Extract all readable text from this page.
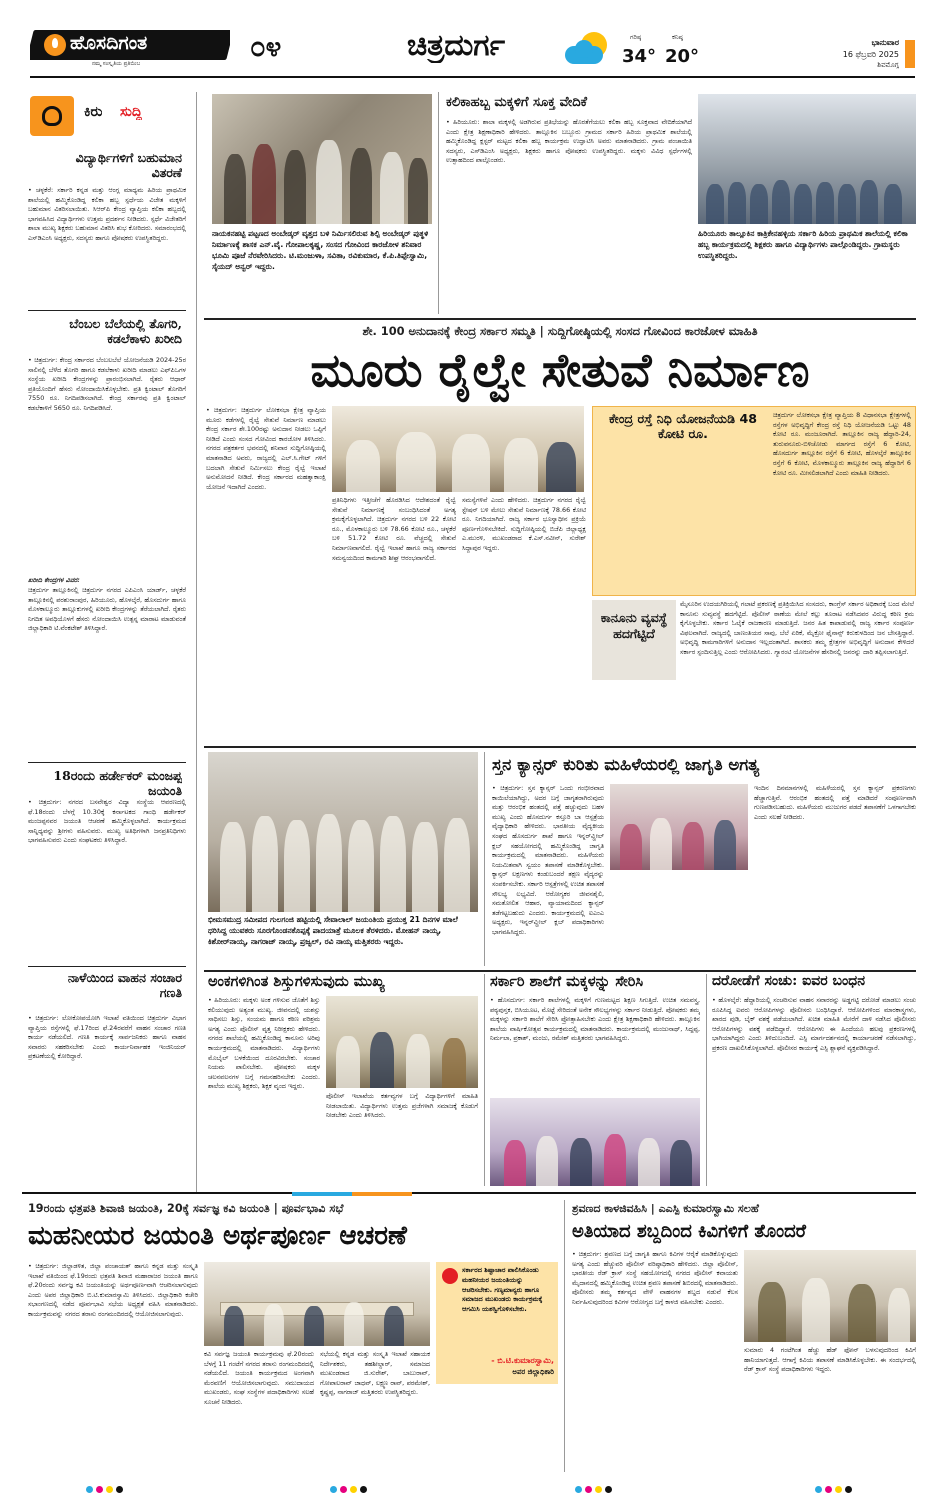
ಹೊಸದಿಗಂತ
ನಮ್ಮ ಸಂಸ್ಕೃತಿಯ ಪ್ರತಿಬಿಂಬ
೦೪	ಚಿತ್ರದುರ್ಗ	ಗರಿಷ್ಠ
34°
ಕನಿಷ್ಠ
20°
ಭಾನುವಾರ
16 ಫೆಬ್ರವರಿ 2025
ಶಿವಮೊಗ್ಗ
ಕಿರು ಸುದ್ದಿ
ವಿದ್ಯಾರ್ಥಿಗಳಿಗೆ ಬಹುಮಾನ ವಿತರಣೆ
• ಚಳ್ಳಕೆರೆ: ಸರ್ಕಾರಿ ಕನ್ನಡ ಮತ್ತು ಆಂಗ್ಲ ಮಾಧ್ಯಮ ಹಿರಿಯ ಪ್ರಾಥಮಿಕ ಶಾಲೆಯಲ್ಲಿ ಹಮ್ಮಿಕೊಂಡಿದ್ದ ಕಲಿಕಾ ಹಬ್ಬ ಸ್ಪರ್ಧೆಯ ವಿಜೇತ ಮಕ್ಕಳಿಗೆ ಬಹುಮಾನ ವಿತರಿಸಲಾಯಿತು. ಸಿಆರ್‌ಪಿ ಕೇಂದ್ರ ವ್ಯಾಪ್ತಿಯ ಕಲಿಕಾ ಹಬ್ಬದಲ್ಲಿ ಭಾಗವಹಿಸಿದ ವಿದ್ಯಾರ್ಥಿಗಳು ಉತ್ತಮ ಪ್ರದರ್ಶನ ನೀಡಿದರು. ಸ್ಪರ್ಧೆ ವಿಜೇತರಿಗೆ ಶಾಲಾ ಮುಖ್ಯ ಶಿಕ್ಷಕರು ಬಹುಮಾನ ವಿತರಿಸಿ ಶುಭ ಕೋರಿದರು. ಸಮಾರಂಭದಲ್ಲಿ ಎಸ್‌ಡಿಎಂಸಿ ಅಧ್ಯಕ್ಷರು, ಸದಸ್ಯರು ಹಾಗೂ ಪೋಷಕರು ಉಪಸ್ಥಿತರಿದ್ದರು.
ಬೆಂಬಲ ಬೆಲೆಯಲ್ಲಿ ತೊಗರಿ, ಕಡಲೆಕಾಳು ಖರೀದಿ
• ಚಿತ್ರದುರ್ಗ: ಕೇಂದ್ರ ಸರ್ಕಾರದ ಬೆಂಬಲಬೆಲೆ ಯೋಜನೆಯಡಿ 2024-25ರ ಸಾಲಿನಲ್ಲಿ ಬೆಳೆದ ತೊಗರಿ ಹಾಗೂ ಕಡಲೆಕಾಳು ಖರೀದಿ ಮಾಡಲು ಎಫ್‌ಪಿಒಗಳ ಸಂಸ್ಥೆಯ ಖರೀದಿ ಕೇಂದ್ರಗಳನ್ನು ಪ್ರಾರಂಭಿಸಲಾಗಿದೆ. ರೈತರು ಆಧಾರ್ ಪ್ರತಿಯೊಂದಿಗೆ ಹೆಸರು ನೋಂದಾಯಿಸಿಕೊಳ್ಳಬೇಕು. ಪ್ರತಿ ಕ್ವಿಂಟಾಲ್ ತೊಗರಿಗೆ 7550 ರೂ. ನಿಗದಿಪಡಿಸಲಾಗಿದೆ. ಕೇಂದ್ರ ಸರ್ಕಾರವು ಪ್ರತಿ ಕ್ವಿಂಟಾಲ್ ಕಡಲೆಕಾಳಿಗೆ 5650 ರೂ. ನಿಗದಿಪಡಿಸಿದೆ.
ಖರೀದಿ ಕೇಂದ್ರಗಳ ವಿವರ:
ಚಿತ್ರದುರ್ಗ ತಾಲ್ಲೂಕಿನಲ್ಲಿ ಚಿತ್ರದುರ್ಗ ನಗರದ ಎಪಿಎಂಸಿ ಯಾರ್ಡ್, ಚಳ್ಳಕೆರೆ ತಾಲ್ಲೂಕಿನಲ್ಲಿ ಪರಶುರಾಂಪುರ, ಹಿರಿಯೂರು, ಹೊಳಲ್ಕೆರೆ, ಹೊಸದುರ್ಗ ಹಾಗೂ ಮೊಳಕಾಲ್ಮೂರು ತಾಲ್ಲೂಕುಗಳಲ್ಲಿ ಖರೀದಿ ಕೇಂದ್ರಗಳನ್ನು ತೆರೆಯಲಾಗಿದೆ. ರೈತರು ನಿಗದಿತ ಅವಧಿಯೊಳಗೆ ಹೆಸರು ನೋಂದಾಯಿಸಿ ಉತ್ಪನ್ನ ಮಾರಾಟ ಮಾಡುವಂತೆ ಜಿಲ್ಲಾಧಿಕಾರಿ ಟಿ.ವೆಂಕಟೇಶ್ ತಿಳಿಸಿದ್ದಾರೆ.
18ರಂದು ಹರ್ಡೇಕರ್ ಮಂಜಪ್ಪ ಜಯಂತಿ
• ಚಿತ್ರದುರ್ಗ: ನಗರದ ಬಸವೇಶ್ವರ ವಿದ್ಯಾ ಸಂಸ್ಥೆಯ ಆವರಣದಲ್ಲಿ ಫೆ.18ರಂದು ಬೆಳಗ್ಗೆ 10.30ಕ್ಕೆ ಕರ್ನಾಟಕದ ಗಾಂಧಿ ಹರ್ಡೇಕರ್ ಮಂಜಪ್ಪನವರ ಜಯಂತಿ ಆಚರಣೆ ಹಮ್ಮಿಕೊಳ್ಳಲಾಗಿದೆ. ಕಾರ್ಯಕ್ರಮದ ಸಾನ್ನಿಧ್ಯವನ್ನು ಶ್ರೀಗಳು ವಹಿಸುವರು. ಮುಖ್ಯ ಅತಿಥಿಗಳಾಗಿ ಜನಪ್ರತಿನಿಧಿಗಳು ಭಾಗವಹಿಸುವರು ಎಂದು ಸಂಘಟಕರು ತಿಳಿಸಿದ್ದಾರೆ.
ನಾಳೆಯಿಂದ ವಾಹನ ಸಂಚಾರ ಗಣತಿ
• ಚಿತ್ರದುರ್ಗ: ಲೋಕೋಪಯೋಗಿ ಇಲಾಖೆ ವತಿಯಿಂದ ಚಿತ್ರದುರ್ಗ ವಿಭಾಗ ವ್ಯಾಪ್ತಿಯ ರಸ್ತೆಗಳಲ್ಲಿ ಫೆ.17ರಿಂದ ಫೆ.24ರವರೆಗೆ ವಾಹನ ಸಂಚಾರ ಗಣತಿ ಕಾರ್ಯ ನಡೆಯಲಿದೆ. ಗಣತಿ ಕಾರ್ಯಕ್ಕೆ ಸಾರ್ವಜನಿಕರು ಹಾಗೂ ವಾಹನ ಸವಾರರು ಸಹಕರಿಸಬೇಕು ಎಂದು ಕಾರ್ಯನಿರ್ವಾಹಕ ಇಂಜಿನಿಯರ್ ಪ್ರಕಟಣೆಯಲ್ಲಿ ಕೋರಿದ್ದಾರೆ.
ನಾಯಕನಹಟ್ಟಿ ಪಟ್ಟಣದ ಅಂಬೇಡ್ಕರ್ ವೃತ್ತದ ಬಳಿ ನಿರ್ಮಿಸಲಿರುವ ಶಿಲ್ಪಿ ಅಂಬೇಡ್ಕರ್ ಪುತ್ಥಳಿ ನಿರ್ಮಾಣಕ್ಕೆ ಶಾಸಕ ಎನ್.ವೈ. ಗೋಪಾಲಕೃಷ್ಣ, ಸಂಸದ ಗೋವಿಂದ ಕಾರಜೋಳ ಶನಿವಾರ ಭೂಮಿ ಪೂಜೆ ನೆರವೇರಿಸಿದರು. ಟಿ.ಮಂಜುಳಾ, ಸವಿತಾ, ರವಿಕುಮಾರ, ಕೆ.ಪಿ.ತಿಪ್ಪೇಸ್ವಾಮಿ, ಸೈಯದ್ ಅನ್ವರ್ ಇದ್ದರು.
ಕಲಿಕಾಹಬ್ಬ ಮಕ್ಕಳಿಗೆ ಸೂಕ್ತ ವೇದಿಕೆ
• ಹಿರಿಯೂರು: ಶಾಲಾ ಮಕ್ಕಳಲ್ಲಿ ಅಡಗಿರುವ ಪ್ರತಿಭೆಯನ್ನು ಹೊರತೆಗೆಯಲು ಕಲಿಕಾ ಹಬ್ಬ ಸೂಕ್ತವಾದ ವೇದಿಕೆಯಾಗಿದೆ ಎಂದು ಕ್ಷೇತ್ರ ಶಿಕ್ಷಣಾಧಿಕಾರಿ ಹೇಳಿದರು. ತಾಲ್ಲೂಕಿನ ಬಬ್ಬೂರು ಗ್ರಾಮದ ಸರ್ಕಾರಿ ಹಿರಿಯ ಪ್ರಾಥಮಿಕ ಶಾಲೆಯಲ್ಲಿ ಹಮ್ಮಿಕೊಂಡಿದ್ದ ಕ್ಲಸ್ಟರ್ ಮಟ್ಟದ ಕಲಿಕಾ ಹಬ್ಬ ಕಾರ್ಯಕ್ರಮ ಉದ್ಘಾಟಿಸಿ ಅವರು ಮಾತನಾಡಿದರು. ಗ್ರಾಮ ಪಂಚಾಯಿತಿ ಸದಸ್ಯರು, ಎಸ್‌ಡಿಎಂಸಿ ಅಧ್ಯಕ್ಷರು, ಶಿಕ್ಷಕರು ಹಾಗೂ ಪೋಷಕರು ಉಪಸ್ಥಿತರಿದ್ದರು. ಮಕ್ಕಳು ವಿವಿಧ ಸ್ಪರ್ಧೆಗಳಲ್ಲಿ ಉತ್ಸಾಹದಿಂದ ಪಾಲ್ಗೊಂಡರು.
ಹಿರಿಯೂರು ತಾಲ್ಲೂಕಿನ ಕಾತ್ರಿಕೇನಹಳ್ಳಿಯ ಸರ್ಕಾರಿ ಹಿರಿಯ ಪ್ರಾಥಮಿಕ ಶಾಲೆಯಲ್ಲಿ ಕಲಿಕಾ ಹಬ್ಬ ಕಾರ್ಯಕ್ರಮದಲ್ಲಿ ಶಿಕ್ಷಕರು ಹಾಗೂ ವಿದ್ಯಾರ್ಥಿಗಳು ಪಾಲ್ಗೊಂಡಿದ್ದರು. ಗ್ರಾಮಸ್ಥರು ಉಪಸ್ಥಿತರಿದ್ದರು.
ಶೇ. 100 ಅನುದಾನಕ್ಕೆ ಕೇಂದ್ರ ಸರ್ಕಾರ ಸಮ್ಮತಿ | ಸುದ್ದಿಗೋಷ್ಠಿಯಲ್ಲಿ ಸಂಸದ ಗೋವಿಂದ ಕಾರಜೋಳ ಮಾಹಿತಿ
ಮೂರು ರೈಲ್ವೇ ಸೇತುವೆ ನಿರ್ಮಾಣ
• ಚಿತ್ರದುರ್ಗ: ಚಿತ್ರದುರ್ಗ ಲೋಕಸಭಾ ಕ್ಷೇತ್ರ ವ್ಯಾಪ್ತಿಯ ಮೂರು ಕಡೆಗಳಲ್ಲಿ ರೈಲ್ವೆ ಸೇತುವೆ ನಿರ್ಮಾಣ ಮಾಡಲು ಕೇಂದ್ರ ಸರ್ಕಾರ ಶೇ.100ರಷ್ಟು ಅನುದಾನ ನೀಡಲು ಒಪ್ಪಿಗೆ ನೀಡಿದೆ ಎಂದು ಸಂಸದ ಗೋವಿಂದ ಕಾರಜೋಳ ತಿಳಿಸಿದರು. ನಗರದ ಪತ್ರಕರ್ತರ ಭವನದಲ್ಲಿ ಶನಿವಾರ ಸುದ್ದಿಗೋಷ್ಠಿಯಲ್ಲಿ ಮಾತನಾಡಿದ ಅವರು, ರಾಜ್ಯದಲ್ಲಿ ಎಲ್.ಸಿ.ಗೇಟ್ ಗಳಿಗೆ ಬದಲಾಗಿ ಸೇತುವೆ ನಿರ್ಮಿಸಲು ಕೇಂದ್ರ ರೈಲ್ವೆ ಇಲಾಖೆ ಅನುಮೋದನೆ ನೀಡಿದೆ. ಕೇಂದ್ರ ಸರ್ಕಾರದ ಮಹತ್ವಾಕಾಂಕ್ಷಿ ಯೋಜನೆ ಇದಾಗಿದೆ ಎಂದರು.
ಪ್ರತಿನಿಧಿಗಳು ಇತ್ತೀಚೆಗೆ ಹೊರಡಿಸಿದ ಆದೇಶದಂತೆ ರೈಲ್ವೆ ಸೇತುವೆ ನಿರ್ಮಾಣಕ್ಕೆ ಸಂಬಂಧಿಸಿದಂತೆ ಅಗತ್ಯ ಕ್ರಮಕೈಗೊಳ್ಳಲಾಗಿದೆ. ಚಿತ್ರದುರ್ಗ ನಗರದ ಬಳಿ 22 ಕೋಟಿ ರೂ., ಮೊಳಕಾಲ್ಮೂರು ಬಳಿ 78.66 ಕೋಟಿ ರೂ., ಚಳ್ಳಕೆರೆ ಬಳಿ 51.72 ಕೋಟಿ ರೂ. ವೆಚ್ಚದಲ್ಲಿ ಸೇತುವೆ ನಿರ್ಮಾಣವಾಗಲಿದೆ. ರೈಲ್ವೆ ಇಲಾಖೆ ಹಾಗೂ ರಾಜ್ಯ ಸರ್ಕಾರದ ಸಮನ್ವಯದಿಂದ ಕಾಮಗಾರಿ ಶೀಘ್ರ ಆರಂಭವಾಗಲಿದೆ.
ಸಮಸ್ಯೆಗಳಿವೆ ಎಂದು ಹೇಳಿದರು. ಚಿತ್ರದುರ್ಗ ನಗರದ ರೈಲ್ವೆ ಸ್ಟೇಷನ್ ಬಳಿ ಮೇಲು ಸೇತುವೆ ನಿರ್ಮಾಣಕ್ಕೆ 78.66 ಕೋಟಿ ರೂ. ನಿಗದಿಯಾಗಿದೆ. ರಾಜ್ಯ ಸರ್ಕಾರ ಭೂಸ್ವಾಧೀನ ಪ್ರಕ್ರಿಯೆ ಪೂರ್ಣಗೊಳಿಸಬೇಕಿದೆ. ಸುದ್ದಿಗೋಷ್ಠಿಯಲ್ಲಿ ಬಿಜೆಪಿ ಜಿಲ್ಲಾಧ್ಯಕ್ಷ ಎ.ಮುರಳಿ, ಮುಖಂಡರಾದ ಕೆ.ಎಸ್.ನವೀನ್, ಸುರೇಶ್ ಸಿದ್ದಾಪುರ ಇದ್ದರು.
ಕೇಂದ್ರ ರಸ್ತೆ ನಿಧಿ ಯೋಜನೆಯಡಿ 48 ಕೋಟಿ ರೂ.
ಚಿತ್ರದುರ್ಗ ಲೋಕಸಭಾ ಕ್ಷೇತ್ರ ವ್ಯಾಪ್ತಿಯ 8 ವಿಧಾನಸಭಾ ಕ್ಷೇತ್ರಗಳಲ್ಲಿ ರಸ್ತೆಗಳ ಅಭಿವೃದ್ಧಿಗೆ ಕೇಂದ್ರ ರಸ್ತೆ ನಿಧಿ ಯೋಜನೆಯಡಿ ಒಟ್ಟು 48 ಕೋಟಿ ರೂ. ಮಂಜೂರಾಗಿದೆ. ತಾಲ್ಲೂಕಿನ ರಾಜ್ಯ ಹೆದ್ದಾರಿ-24, ತುರುವನೂರು-ಬಿಳಿಚೋಡು ಮಾರ್ಗದ ರಸ್ತೆಗೆ 6 ಕೋಟಿ, ಹೊಸದುರ್ಗ ತಾಲ್ಲೂಕಿನ ರಸ್ತೆಗೆ 6 ಕೋಟಿ, ಹೊಳಲ್ಕೆರೆ ತಾಲ್ಲೂಕಿನ ರಸ್ತೆಗೆ 6 ಕೋಟಿ, ಮೊಳಕಾಲ್ಮೂರು ತಾಲ್ಲೂಕಿನ ರಾಜ್ಯ ಹೆದ್ದಾರಿಗೆ 6 ಕೋಟಿ ರೂ. ಮೀಸಲಿಡಲಾಗಿದೆ ಎಂದು ಮಾಹಿತಿ ನೀಡಿದರು.
ಕಾನೂನು ವ್ಯವಸ್ಥೆ ಹದಗೆಟ್ಟಿದೆ
ಮೈಸೂರಿನ ಉದಯಗಿರಿಯಲ್ಲಿ ಗಲಾಟೆ ಪ್ರಕರಣಕ್ಕೆ ಪ್ರತಿಕ್ರಿಯಿಸಿದ ಸಂಸದರು, ಕಾಂಗ್ರೆಸ್ ಸರ್ಕಾರ ಅಧಿಕಾರಕ್ಕೆ ಬಂದ ಮೇಲೆ ಕಾನೂನು ಸುವ್ಯವಸ್ಥೆ ಹದಗೆಟ್ಟಿದೆ. ಪೊಲೀಸ್ ಠಾಣೆಯ ಮೇಲೆ ಕಲ್ಲು ತೂರಾಟ ನಡೆಸಿದವರ ವಿರುದ್ಧ ಕಠಿಣ ಕ್ರಮ ಕೈಗೊಳ್ಳಬೇಕು. ಸರ್ಕಾರ ಓಲೈಕೆ ರಾಜಕಾರಣ ಮಾಡುತ್ತಿದೆ. ಜನರ ಹಿತ ಕಾಪಾಡುವಲ್ಲಿ ರಾಜ್ಯ ಸರ್ಕಾರ ಸಂಪೂರ್ಣ ವಿಫಲವಾಗಿದೆ. ರಾಜ್ಯದಲ್ಲಿ ಬಾಣಂತಿಯರ ಸಾವು, ಬೆಲೆ ಏರಿಕೆ, ಮೈಕ್ರೋ ಫೈನಾನ್ಸ್ ಕಿರುಕುಳದಿಂದ ಜನ ಬೇಸತ್ತಿದ್ದಾರೆ. ಅಭಿವೃದ್ಧಿ ಕಾಮಗಾರಿಗಳಿಗೆ ಅನುದಾನ ಇಲ್ಲದಂತಾಗಿದೆ. ಶಾಸಕರು ತಮ್ಮ ಕ್ಷೇತ್ರಗಳ ಅಭಿವೃದ್ಧಿಗೆ ಅನುದಾನ ಕೇಳಿದರೆ ಸರ್ಕಾರ ಸ್ಪಂದಿಸುತ್ತಿಲ್ಲ ಎಂದು ಆರೋಪಿಸಿದರು. ಗ್ಯಾರಂಟಿ ಯೋಜನೆಗಳ ಹೆಸರಿನಲ್ಲಿ ಜನರನ್ನು ದಾರಿ ತಪ್ಪಿಸಲಾಗುತ್ತಿದೆ.
ಭೀಮಸಮುದ್ರ ಸಮೀಪದ ಗುಲಗಂಜಿ ಹಟ್ಟಿಯಲ್ಲಿ ಸೇವಾಲಾಲ್ ಜಯಂತಿಯ ಪ್ರಯುಕ್ತ 21 ದಿನಗಳ ಮಾಲೆ ಧರಿಸಿದ್ದ ಯುವಕರು ಸೂರಗೊಂಡನಕೊಪ್ಪಕ್ಕೆ ಪಾದಯಾತ್ರೆ ಮೂಲಕ ತೆರಳಿದರು. ಮೋಹನ್ ನಾಯ್ಕ, ಕಿಶೋರ್‌ನಾಯ್ಕ, ನಾಗರಾಜ್ ನಾಯ್ಕ, ಪ್ರಜ್ವಲ್, ರವಿ ನಾಯ್ಕ ಮತ್ತಿತರರು ಇದ್ದರು.
ಸ್ತನ ಕ್ಯಾನ್ಸರ್ ಕುರಿತು ಮಹಿಳೆಯರಲ್ಲಿ ಜಾಗೃತಿ ಅಗತ್ಯ
• ಚಿತ್ರದುರ್ಗ: ಸ್ತನ ಕ್ಯಾನ್ಸರ್ ಒಂದು ಗಂಭೀರವಾದ ಕಾಯಿಲೆಯಾಗಿದ್ದು, ಅದರ ಬಗ್ಗೆ ಜಾಗೃತರಾಗಿರುವುದು ಮತ್ತು ಆರಂಭಿಕ ಹಂತದಲ್ಲಿ ಪತ್ತೆ ಹಚ್ಚುವುದು ಬಹಳ ಮುಖ್ಯ ಎಂದು ಹೊಸದುರ್ಗ ಕಸ್ತೂರಿ ಬಾ ಆಸ್ಪತ್ರೆಯ ವೈದ್ಯಾಧಿಕಾರಿ ಹೇಳಿದರು. ಭಾರತೀಯ ವೈದ್ಯಕೀಯ ಸಂಘದ ಹೊಸದುರ್ಗ ಶಾಖೆ ಹಾಗೂ ಇನ್ನರ್‌ವ್ಹೀಲ್ ಕ್ಲಬ್ ಸಹಯೋಗದಲ್ಲಿ ಹಮ್ಮಿಕೊಂಡಿದ್ದ ಜಾಗೃತಿ ಕಾರ್ಯಕ್ರಮದಲ್ಲಿ ಮಾತನಾಡಿದರು. ಮಹಿಳೆಯರು ನಿಯಮಿತವಾಗಿ ಸ್ವಯಂ ತಪಾಸಣೆ ಮಾಡಿಕೊಳ್ಳಬೇಕು. ಕ್ಯಾನ್ಸರ್ ಲಕ್ಷಣಗಳು ಕಂಡುಬಂದರೆ ತಕ್ಷಣ ವೈದ್ಯರನ್ನು ಸಂಪರ್ಕಿಸಬೇಕು. ಸರ್ಕಾರಿ ಆಸ್ಪತ್ರೆಗಳಲ್ಲಿ ಉಚಿತ ತಪಾಸಣೆ ಸೌಲಭ್ಯ ಲಭ್ಯವಿದೆ. ಆರೋಗ್ಯಕರ ಜೀವನಶೈಲಿ, ಸಮತೋಲಿತ ಆಹಾರ, ವ್ಯಾಯಾಮದಿಂದ ಕ್ಯಾನ್ಸರ್ ತಡೆಗಟ್ಟಬಹುದು ಎಂದರು. ಕಾರ್ಯಕ್ರಮದಲ್ಲಿ ಐಎಂಎ ಅಧ್ಯಕ್ಷರು, ಇನ್ನರ್‌ವ್ಹೀಲ್ ಕ್ಲಬ್ ಪದಾಧಿಕಾರಿಗಳು ಭಾಗವಹಿಸಿದ್ದರು.
ಇಂದಿನ ದಿನಮಾನಗಳಲ್ಲಿ ಮಹಿಳೆಯರಲ್ಲಿ ಸ್ತನ ಕ್ಯಾನ್ಸರ್ ಪ್ರಕರಣಗಳು ಹೆಚ್ಚಾಗುತ್ತಿವೆ. ಆರಂಭಿಕ ಹಂತದಲ್ಲಿ ಪತ್ತೆ ಮಾಡಿದರೆ ಸಂಪೂರ್ಣವಾಗಿ ಗುಣಪಡಿಸಬಹುದು. ಮಹಿಳೆಯರು ಮುಜುಗರ ಪಡದೆ ತಪಾಸಣೆಗೆ ಒಳಗಾಗಬೇಕು ಎಂದು ಸಲಹೆ ನೀಡಿದರು.
ಅಂಕಗಳಿಗಿಂತ ಶಿಸ್ತುಗಳಿಸುವುದು ಮುಖ್ಯ
• ಹಿರಿಯೂರು: ಮಕ್ಕಳು ಅಂಕ ಗಳಿಸುವ ಜೊತೆಗೆ ಶಿಸ್ತು ಕಲಿಯುವುದು ಅತ್ಯಂತ ಮುಖ್ಯ. ಜೀವನದಲ್ಲಿ ಯಶಸ್ಸು ಸಾಧಿಸಲು ಶಿಸ್ತು, ಸಂಯಮ ಹಾಗೂ ಕಠಿಣ ಪರಿಶ್ರಮ ಅಗತ್ಯ ಎಂದು ಪೊಲೀಸ್ ವೃತ್ತ ನಿರೀಕ್ಷಕರು ಹೇಳಿದರು. ನಗರದ ಶಾಲೆಯಲ್ಲಿ ಹಮ್ಮಿಕೊಂಡಿದ್ದ ಕಾನೂನು ಅರಿವು ಕಾರ್ಯಕ್ರಮದಲ್ಲಿ ಮಾತನಾಡಿದರು. ವಿದ್ಯಾರ್ಥಿಗಳು ಮೊಬೈಲ್ ಬಳಕೆಯಿಂದ ದೂರವಿರಬೇಕು. ಸಂಚಾರ ನಿಯಮ ಪಾಲಿಸಬೇಕು. ಪೋಷಕರು ಮಕ್ಕಳ ಚಲನವಲನಗಳ ಬಗ್ಗೆ ಗಮನಹರಿಸಬೇಕು ಎಂದರು. ಶಾಲೆಯ ಮುಖ್ಯ ಶಿಕ್ಷಕರು, ಶಿಕ್ಷಕ ವೃಂದ ಇದ್ದರು.
ಪೊಲೀಸ್ ಇಲಾಖೆಯ ಕರ್ತವ್ಯಗಳ ಬಗ್ಗೆ ವಿದ್ಯಾರ್ಥಿಗಳಿಗೆ ಮಾಹಿತಿ ನೀಡಲಾಯಿತು. ವಿದ್ಯಾರ್ಥಿಗಳು ಉತ್ತಮ ಪ್ರಜೆಗಳಾಗಿ ಸಮಾಜಕ್ಕೆ ಕೊಡುಗೆ ನೀಡಬೇಕು ಎಂದು ತಿಳಿಸಿದರು.
ಸರ್ಕಾರಿ ಶಾಲೆಗೆ ಮಕ್ಕಳನ್ನು ಸೇರಿಸಿ
• ಹೊಸದುರ್ಗ: ಸರ್ಕಾರಿ ಶಾಲೆಗಳಲ್ಲಿ ಮಕ್ಕಳಿಗೆ ಗುಣಮಟ್ಟದ ಶಿಕ್ಷಣ ಸಿಗುತ್ತಿದೆ. ಉಚಿತ ಸಮವಸ್ತ್ರ, ಪಠ್ಯಪುಸ್ತಕ, ಬಿಸಿಯೂಟ, ಮೊಟ್ಟೆ ಸೇರಿದಂತೆ ಅನೇಕ ಸೌಲಭ್ಯಗಳನ್ನು ಸರ್ಕಾರ ನೀಡುತ್ತಿದೆ. ಪೋಷಕರು ತಮ್ಮ ಮಕ್ಕಳನ್ನು ಸರ್ಕಾರಿ ಶಾಲೆಗೆ ಸೇರಿಸಿ ಪ್ರೋತ್ಸಾಹಿಸಬೇಕು ಎಂದು ಕ್ಷೇತ್ರ ಶಿಕ್ಷಣಾಧಿಕಾರಿ ಹೇಳಿದರು. ತಾಲ್ಲೂಕಿನ ಶಾಲೆಯ ವಾರ್ಷಿಕೋತ್ಸವ ಕಾರ್ಯಕ್ರಮದಲ್ಲಿ ಮಾತನಾಡಿದರು. ಕಾರ್ಯಕ್ರಮದಲ್ಲಿ ಮಂಜುನಾಥ್, ಸಿದ್ದಪ್ಪ, ನಿರ್ಮಲಾ, ಪ್ರಕಾಶ್, ಮಂಜು, ರಮೇಶ್ ಮತ್ತಿತರರು ಭಾಗವಹಿಸಿದ್ದರು.
ದರೋಡೆಗೆ ಸಂಚು: ಐವರ ಬಂಧನ
• ಹೊಳಲ್ಕೆರೆ: ಹೆದ್ದಾರಿಯಲ್ಲಿ ಸಂಚರಿಸುವ ವಾಹನ ಸವಾರರನ್ನು ಅಡ್ಡಗಟ್ಟಿ ದರೋಡೆ ಮಾಡಲು ಸಂಚು ರೂಪಿಸಿದ್ದ ಐವರು ಆರೋಪಿಗಳನ್ನು ಪೊಲೀಸರು ಬಂಧಿಸಿದ್ದಾರೆ. ಆರೋಪಿಗಳಿಂದ ಮಾರಕಾಸ್ತ್ರಗಳು, ಖಾರದ ಪುಡಿ, ಬೈಕ್ ವಶಕ್ಕೆ ಪಡೆಯಲಾಗಿದೆ. ಖಚಿತ ಮಾಹಿತಿ ಮೇರೆಗೆ ದಾಳಿ ನಡೆಸಿದ ಪೊಲೀಸರು ಆರೋಪಿಗಳನ್ನು ವಶಕ್ಕೆ ಪಡೆದಿದ್ದಾರೆ. ಆರೋಪಿಗಳು ಈ ಹಿಂದೆಯೂ ಹಲವು ಪ್ರಕರಣಗಳಲ್ಲಿ ಭಾಗಿಯಾಗಿದ್ದರು ಎಂದು ತಿಳಿದುಬಂದಿದೆ. ಎಸ್ಪಿ ಮಾರ್ಗದರ್ಶನದಲ್ಲಿ ಕಾರ್ಯಾಚರಣೆ ನಡೆಸಲಾಗಿದ್ದು, ಪ್ರಕರಣ ದಾಖಲಿಸಿಕೊಳ್ಳಲಾಗಿದೆ. ಪೊಲೀಸರ ಕಾರ್ಯಕ್ಕೆ ಎಸ್ಪಿ ಶ್ಲಾಘನೆ ವ್ಯಕ್ತಪಡಿಸಿದ್ದಾರೆ.
19ರಂದು ಛತ್ರಪತಿ ಶಿವಾಜಿ ಜಯಂತಿ, 20ಕ್ಕೆ ಸರ್ವಜ್ಞ ಕವಿ ಜಯಂತಿ | ಪೂರ್ವಭಾವಿ ಸಭೆ
ಮಹನೀಯರ ಜಯಂತಿ ಅರ್ಥಪೂರ್ಣ ಆಚರಣೆ
• ಚಿತ್ರದುರ್ಗ: ಜಿಲ್ಲಾಡಳಿತ, ಜಿಲ್ಲಾ ಪಂಚಾಯತ್ ಹಾಗೂ ಕನ್ನಡ ಮತ್ತು ಸಂಸ್ಕೃತಿ ಇಲಾಖೆ ವತಿಯಿಂದ ಫೆ.19ರಂದು ಛತ್ರಪತಿ ಶಿವಾಜಿ ಮಹಾರಾಜರ ಜಯಂತಿ ಹಾಗೂ ಫೆ.20ರಂದು ಸರ್ವಜ್ಞ ಕವಿ ಜಯಂತಿಯನ್ನು ಅರ್ಥಪೂರ್ಣವಾಗಿ ಆಚರಿಸಲಾಗುವುದು ಎಂದು ಅಪರ ಜಿಲ್ಲಾಧಿಕಾರಿ ಬಿ.ಟಿ.ಕುಮಾರಸ್ವಾಮಿ ತಿಳಿಸಿದರು. ಜಿಲ್ಲಾಧಿಕಾರಿ ಕಚೇರಿ ಸಭಾಂಗಣದಲ್ಲಿ ನಡೆದ ಪೂರ್ವಭಾವಿ ಸಭೆಯ ಅಧ್ಯಕ್ಷತೆ ವಹಿಸಿ ಮಾತನಾಡಿದರು. ಕಾರ್ಯಕ್ರಮವನ್ನು ನಗರದ ತರಾಸು ರಂಗಮಂದಿರದಲ್ಲಿ ಆಯೋಜಿಸಲಾಗುವುದು.
ಕವಿ ಸರ್ವಜ್ಞ ಜಯಂತಿ ಕಾರ್ಯಕ್ರಮವು ಫೆ.20ರಂದು ಬೆಳಗ್ಗೆ 11 ಗಂಟೆಗೆ ನಗರದ ತರಾಸು ರಂಗಮಂದಿರದಲ್ಲಿ ನಡೆಯಲಿದೆ. ಜಯಂತಿ ಕಾರ್ಯಕ್ರಮದ ಅಂಗವಾಗಿ ಮೆರವಣಿಗೆ ಆಯೋಜಿಸಲಾಗುವುದು. ಸಮುದಾಯದ ಮುಖಂಡರು, ಸಂಘ ಸಂಸ್ಥೆಗಳ ಪದಾಧಿಕಾರಿಗಳು ಸಲಹೆ ಸೂಚನೆ ನೀಡಿದರು.
ಸಭೆಯಲ್ಲಿ ಕನ್ನಡ ಮತ್ತು ಸಂಸ್ಕೃತಿ ಇಲಾಖೆ ಸಹಾಯಕ ನಿರ್ದೇಶಕರು, ತಹಶೀಲ್ದಾರ್, ಸಮಾಜದ ಮುಖಂಡರಾದ ಜಿ.ಸುರೇಶ್, ಬಾಬುರಾವ್, ಗೋಪಾಲರಾವ್ ಜಾಧವ್, ಲಕ್ಷ್ಮಣ ರಾವ್, ಪರಮೇಶ್, ಕೃಷ್ಣಪ್ಪ, ನಾಗರಾಜ್ ಮತ್ತಿತರರು ಉಪಸ್ಥಿತರಿದ್ದರು.
ಸರ್ಕಾರದ ಶಿಷ್ಟಾಚಾರ ಪಾಲಿಸಿಕೊಂಡು ಮಹನೀಯರ ಜಯಂತಿಯನ್ನು ಆಚರಿಸಬೇಕು. ಗಣ್ಯಮಾನ್ಯರು ಹಾಗೂ ಸಮಾಜದ ಮುಖಂಡರು ಕಾರ್ಯಕ್ರಮಕ್ಕೆ ಆಗಮಿಸಿ ಯಶಸ್ವಿಗೊಳಿಸಬೇಕು.
- ಬಿ.ಟಿ.ಕುಮಾರಸ್ವಾಮಿ,
ಅಪರ ಜಿಲ್ಲಾಧಿಕಾರಿ
ಶ್ರವಣದ ಕಾಳಜಿವಹಿಸಿ | ಎಎಸ್ಪಿ ಕುಮಾರಸ್ವಾಮಿ ಸಲಹೆ
ಅತಿಯಾದ ಶಬ್ದದಿಂದ ಕಿವಿಗಳಿಗೆ ತೊಂದರೆ
• ಚಿತ್ರದುರ್ಗ: ಶ್ರವಣದ ಬಗ್ಗೆ ಜಾಗೃತಿ ಹಾಗೂ ಕಿವಿಗಳ ಆರೈಕೆ ಮಾಡಿಕೊಳ್ಳುವುದು ಅಗತ್ಯ ಎಂದು ಹೆಚ್ಚುವರಿ ಪೊಲೀಸ್ ವರಿಷ್ಠಾಧಿಕಾರಿ ಹೇಳಿದರು. ಜಿಲ್ಲಾ ಪೊಲೀಸ್, ಭಾರತೀಯ ರೆಡ್ ಕ್ರಾಸ್ ಸಂಸ್ಥೆ ಸಹಯೋಗದಲ್ಲಿ ನಗರದ ಪೊಲೀಸ್ ಕವಾಯತು ಮೈದಾನದಲ್ಲಿ ಹಮ್ಮಿಕೊಂಡಿದ್ದ ಉಚಿತ ಶ್ರವಣ ತಪಾಸಣೆ ಶಿಬಿರದಲ್ಲಿ ಮಾತನಾಡಿದರು. ಪೊಲೀಸರು ತಮ್ಮ ಕರ್ತವ್ಯದ ವೇಳೆ ವಾಹನಗಳ ಶಬ್ದದ ನಡುವೆ ಕೆಲಸ ನಿರ್ವಹಿಸುವುದರಿಂದ ಕಿವಿಗಳ ಆರೋಗ್ಯದ ಬಗ್ಗೆ ಕಾಳಜಿ ವಹಿಸಬೇಕು ಎಂದರು.
ಸುಮಾರು 4 ಗಂಟೆಗಿಂತ ಹೆಚ್ಚು ಹೆಡ್ ಫೋನ್ ಬಳಸುವುದರಿಂದ ಕಿವಿಗೆ ಹಾನಿಯಾಗುತ್ತದೆ. ಆಗಾಗ್ಗೆ ಕಿವಿಯ ತಪಾಸಣೆ ಮಾಡಿಸಿಕೊಳ್ಳಬೇಕು. ಈ ಸಂದರ್ಭದಲ್ಲಿ ರೆಡ್ ಕ್ರಾಸ್ ಸಂಸ್ಥೆ ಪದಾಧಿಕಾರಿಗಳು ಇದ್ದರು.
